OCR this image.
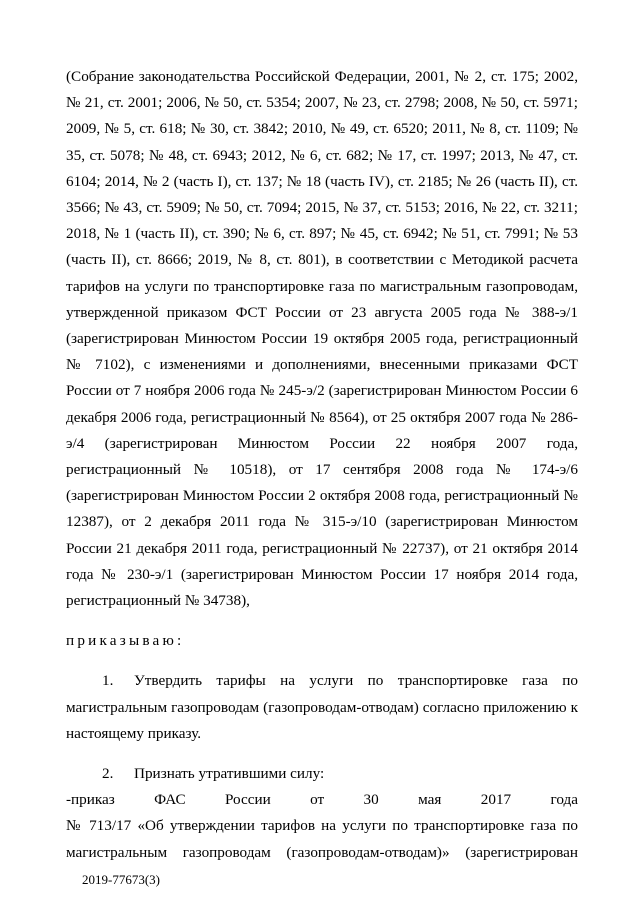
(Собрание законодательства Российской Федерации, 2001, № 2, ст. 175; 2002, № 21, ст. 2001; 2006, № 50, ст. 5354; 2007, № 23, ст. 2798; 2008, № 50, ст. 5971; 2009, № 5, ст. 618; № 30, ст. 3842; 2010, № 49, ст. 6520; 2011, № 8, ст. 1109; № 35, ст. 5078; № 48, ст. 6943; 2012, № 6, ст. 682; № 17, ст. 1997; 2013, № 47, ст. 6104; 2014, № 2 (часть I), ст. 137; № 18 (часть IV), ст. 2185; № 26 (часть II), ст. 3566; № 43, ст. 5909; № 50, ст. 7094; 2015, № 37, ст. 5153; 2016, № 22, ст. 3211; 2018, № 1 (часть II), ст. 390; № 6, ст. 897; № 45, ст. 6942; № 51, ст. 7991; № 53 (часть II), ст. 8666; 2019, № 8, ст. 801), в соответствии с Методикой расчета тарифов на услуги по транспортировке газа по магистральным газопроводам, утвержденной приказом ФСТ России от 23 августа 2005 года № 388-э/1 (зарегистрирован Минюстом России 19 октября 2005 года, регистрационный № 7102), с изменениями и дополнениями, внесенными приказами ФСТ России от 7 ноября 2006 года № 245-э/2 (зарегистрирован Минюстом России 6 декабря 2006 года, регистрационный № 8564), от 25 октября 2007 года № 286-э/4 (зарегистрирован Минюстом России 22 ноября 2007 года, регистрационный № 10518), от 17 сентября 2008 года № 174-э/6 (зарегистрирован Минюстом России 2 октября 2008 года, регистрационный № 12387), от 2 декабря 2011 года № 315-э/10 (зарегистрирован Минюстом России 21 декабря 2011 года, регистрационный № 22737), от 21 октября 2014 года № 230-э/1 (зарегистрирован Минюстом России 17 ноября 2014 года, регистрационный № 34738),

приказываю:

1. Утвердить тарифы на услуги по транспортировке газа по магистральным газопроводам (газопроводам-отводам) согласно приложению к настоящему приказу.

2. Признать утратившими силу:

-приказ ФАС России от 30 мая 2017 года

№ 713/17 «Об утверждении тарифов на услуги по транспортировке газа по магистральным газопроводам (газопроводам-отводам)» (зарегистрирован

2019-77673(3)
